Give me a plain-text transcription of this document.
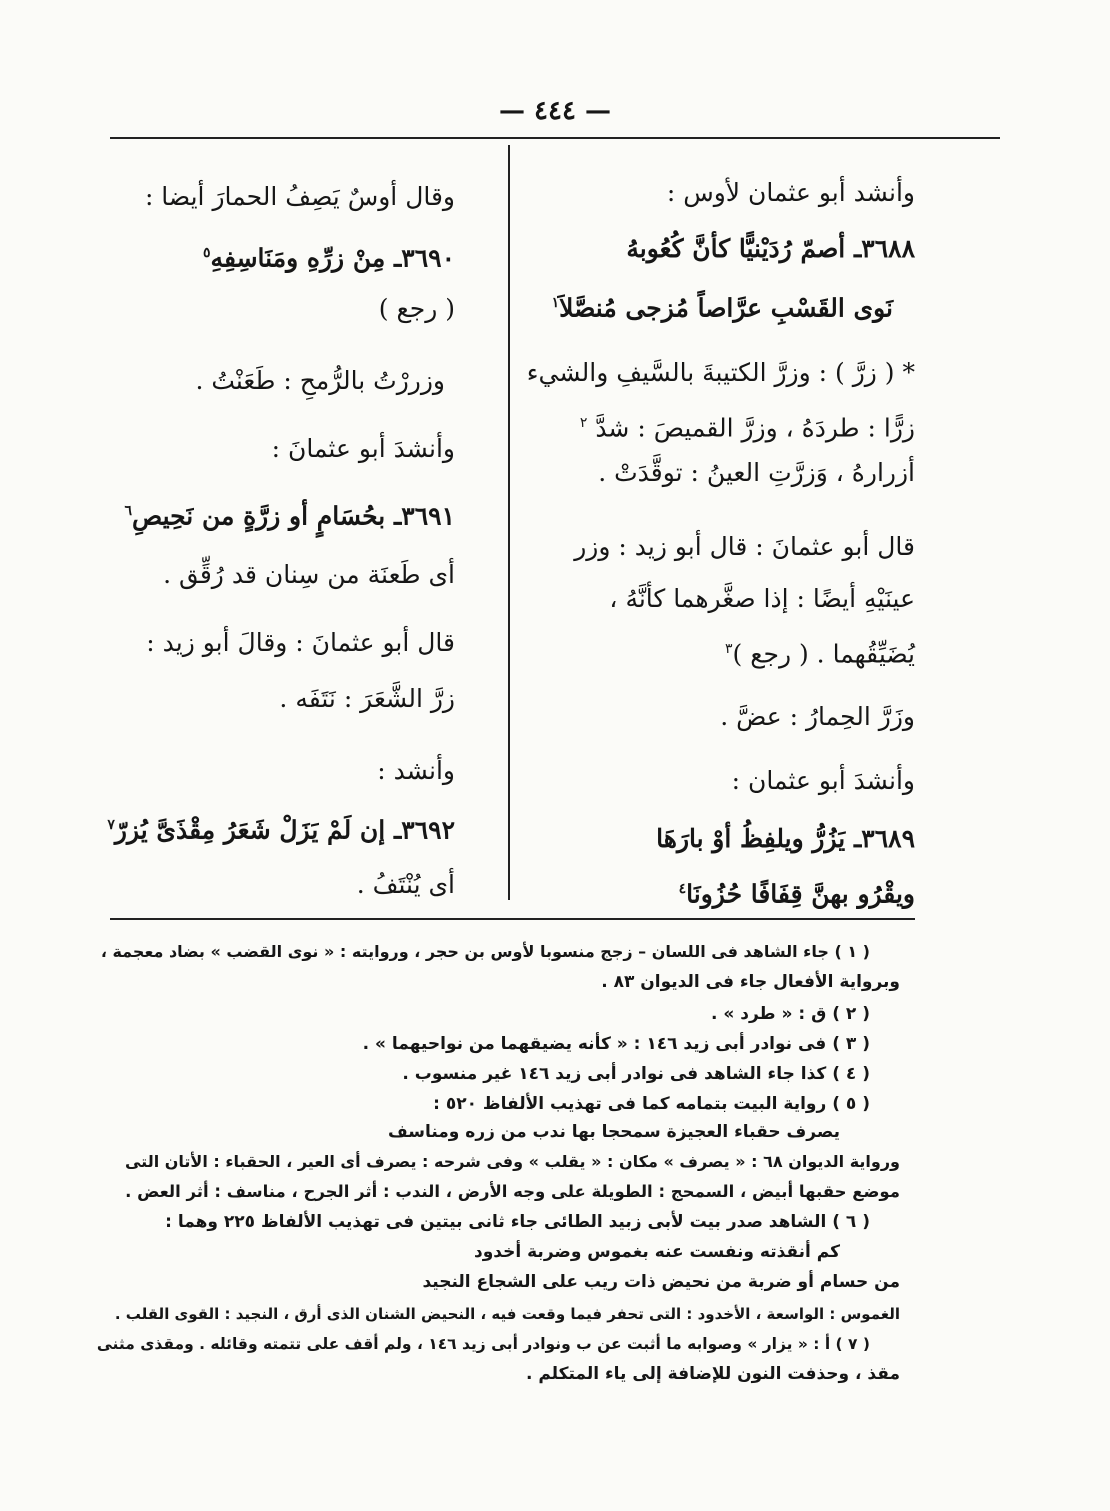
— ٤٤٤ —
وأنشد أبو عثمان لأوس :
٣٦٨٨ـ أصمّ رُدَيْنيًّا كأنَّ كُعُوبهُ
نَوى القَسْبِ عرَّاصاً مُزجى مُنصَّلاَ$^١$
* ( زرَّ ) : وزرَّ الكتيبةَ بالسَّيفِ والشيء
زرًّا : طردَهُ ، وزرَّ القميصَ : شدَّ $^٢$
أزرارهُ ، وَزرَّتِ العينُ : توقَّدَتْ .
قال أبو عثمانَ : قال أبو زيد : وزر
عينَيْهِ أيضًا : إذا صغَّرهما كأنَّهُ ،
يُضَيِّقُهما . ( رجع )$^٣$
وزَرَّ الحِمارُ : عضَّ .
وأنشدَ أبو عثمان :
٣٦٨٩ـ يَزُرُّ ويلفِظُ أوْ بارَهَا
ويقْرُو بهنَّ قِفَافًا حُزُونَا$^٤$
وقال أوسٌ يَصِفُ الحمارَ أيضا :
٣٦٩٠ـ مِنْ زرِّهِ ومَنَاسِفِهِ$^٥$
( رجع )
وزررْتُ بالرُّمحِ : طَعَنْتُ .
وأنشدَ أبو عثمانَ :
٣٦٩١ـ بحُسَامٍ أو زرَّةٍ من نَحِيصِ$^٦$
أى طَعنَة من سِنان قد رُقِّق .
قال أبو عثمانَ : وقالَ أبو زيد :
زرَّ الشَّعَرَ : نَتَفَه .
وأنشد :
٣٦٩٢ـ إن لَمْ يَزَلْ شَعَرُ مِقْذَىَّ يُزرّ$^٧$
أى يُنْتَفُ .
( ١ ) جاء الشاهد فى اللسان – زجج منسوبا لأوس بن حجر ، وروايته : « نوى القضب » بضاد معجمة ،
وبرواية الأفعال جاء فى الديوان ٨٣ .
( ٢ ) ق : « طرد » .
( ٣ ) فى نوادر أبى زيد ١٤٦ : « كأنه يضيقهما من نواحيهما » .
( ٤ ) كذا جاء الشاهد فى نوادر أبى زيد ١٤٦ غير منسوب .
( ٥ ) رواية البيت بتمامه كما فى تهذيب الألفاظ ٥٢٠ :
يصرف حقباء العجيزة سمحجا بها ندب من زره ومناسف
ورواية الديوان ٦٨ : « يصرف » مكان : « يقلب » وفى شرحه : يصرف أى العير ، الحقباء : الأتان التى
موضع حقبها أبيض ، السمحج : الطويلة على وجه الأرض ، الندب : أثر الجرح ، مناسف : أثر العض .
( ٦ ) الشاهد صدر بيت لأبى زبيد الطائى جاء ثانى بيتين فى تهذيب الألفاظ ٢٢٥ وهما :
كم أنقذته ونفست عنه بغموس وضربة أخدود
من حسام أو ضربة من نحيض ذات ريب على الشجاع النجيد
الغموس : الواسعة ، الأخدود : التى تحفر فيما وقعت فيه ، النحيض الشنان الذى أرق ، النجيد : القوى القلب .
( ٧ ) أ : « يزار » وصوابه ما أثبت عن ب ونوادر أبى زيد ١٤٦ ، ولم أقف على تتمته وقائله . ومقذى مثنى
مقذ ، وحذفت النون للإضافة إلى ياء المتكلم .
